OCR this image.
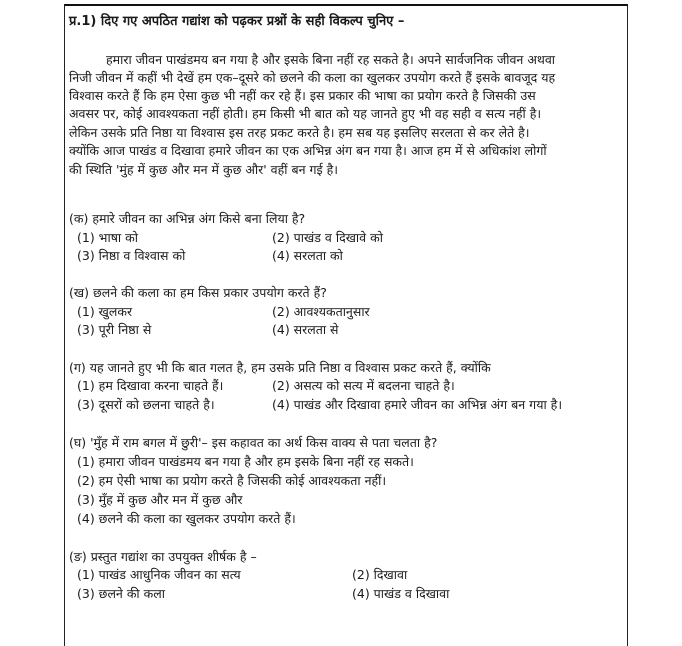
प्र.1) दिए गए अपठित गद्यांश को पढ़कर प्रश्नों के सही विकल्प चुनिए –
हमारा जीवन पाखंडमय बन गया है और इसके बिना नहीं रह सकते है। अपने सार्वजनिक जीवन अथवा
निजी जीवन में कहीं भी देखें हम एक–दूसरे को छलने की कला का खुलकर उपयोग करते हैं इसके बावजूद यह
विश्वास करते हैं कि हम ऐसा कुछ भी नहीं कर रहे हैं। इस प्रकार की भाषा का प्रयोग करते है जिसकी उस
अवसर पर, कोई आवश्यकता नहीं होती। हम किसी भी बात को यह जानते हुए भी वह सही व सत्य नहीं है।
लेकिन उसके प्रति निष्ठा या विश्वास इस तरह प्रकट करते है। हम सब यह इसलिए सरलता से कर लेते है।
क्योंकि आज पाखंड व दिखावा हमारे जीवन का एक अभिन्न अंग बन गया है। आज हम में से अधिकांश लोगों
की स्थिति 'मुंह में कुछ और मन में कुछ और' वहीं बन गई है।
(क) हमारे जीवन का अभिन्न अंग किसे बना लिया है?
(1) भाषा को	(2) पाखंड व दिखावे को
(3) निष्ठा व विश्वास को	(4) सरलता को
(ख) छलने की कला का हम किस प्रकार उपयोग करते हैं?
(1) खुलकर	(2) आवश्यकतानुसार
(3) पूरी निष्ठा से	(4) सरलता से
(ग) यह जानते हुए भी कि बात गलत है, हम उसके प्रति निष्ठा व विश्वास प्रकट करते हैं, क्योंकि
(1) हम दिखावा करना चाहते हैं।	(2) असत्य को सत्य में बदलना चाहते है।
(3) दूसरों को छलना चाहते है।	(4) पाखंड और दिखावा हमारे जीवन का अभिन्न अंग बन गया है।
(घ) 'मुँह में राम बगल में छुरी'– इस कहावत का अर्थ किस वाक्य से पता चलता है?
(1) हमारा जीवन पाखंडमय बन गया है और हम इसके बिना नहीं रह सकते।
(2) हम ऐसी भाषा का प्रयोग करते है जिसकी कोई आवश्यकता नहीं।
(3) मुँह में कुछ और मन में कुछ और
(4) छलने की कला का खुलकर उपयोग करते हैं।
(ङ) प्रस्तुत गद्यांश का उपयुक्त शीर्षक है –
(1) पाखंड आधुनिक जीवन का सत्य	(2) दिखावा
(3) छलने की कला	(4) पाखंड व दिखावा
